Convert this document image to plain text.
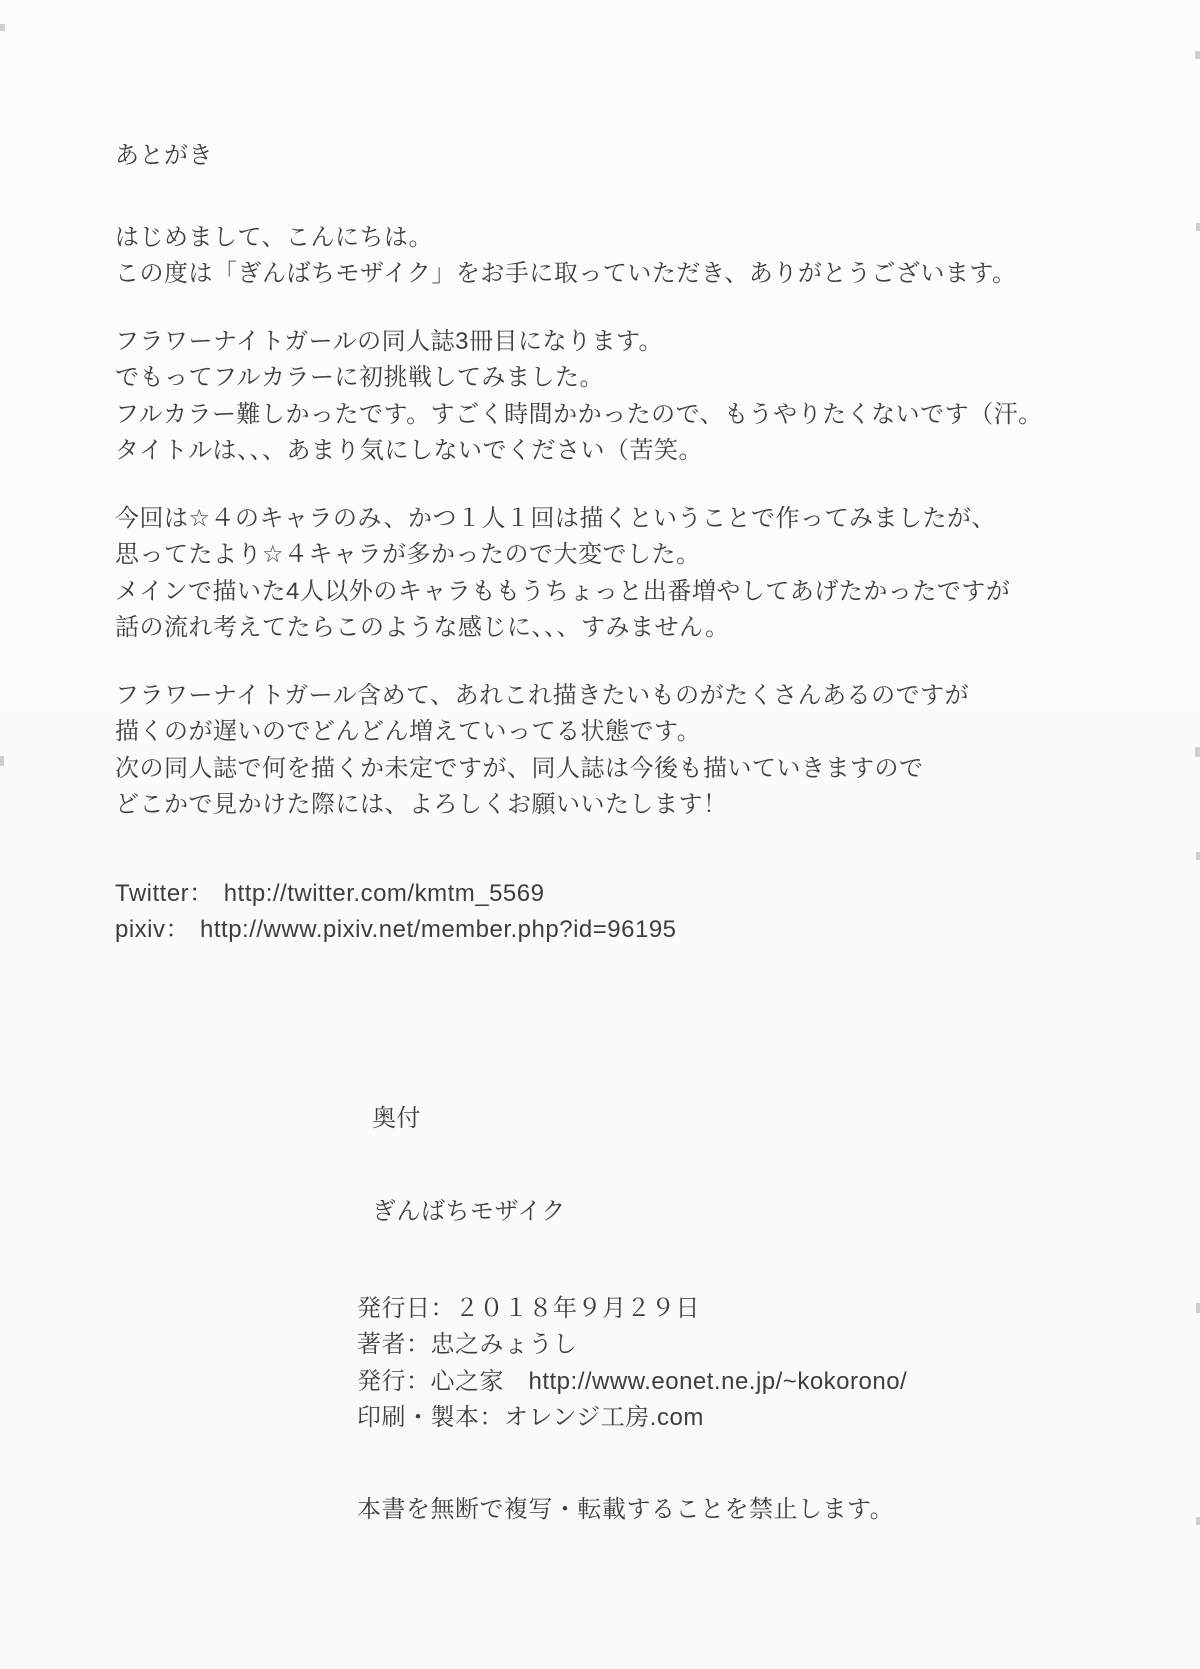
あとがき
はじめまして、こんにちは。
この度は「ぎんばちモザイク」をお手に取っていただき、ありがとうございます。
フラワーナイトガールの同人誌3冊目になります。
でもってフルカラーに初挑戦してみました。
フルカラー難しかったです。すごく時間かかったので、もうやりたくないです（汗。
タイトルは、、、あまり気にしないでください（苦笑。
今回は☆４のキャラのみ、かつ１人１回は描くということで作ってみましたが、
思ってたより☆４キャラが多かったので大変でした。
メインで描いた4人以外のキャラももうちょっと出番増やしてあげたかったですが
話の流れ考えてたらこのような感じに、、、すみません。
フラワーナイトガール含めて、あれこれ描きたいものがたくさんあるのですが
描くのが遅いのでどんどん増えていってる状態です。
次の同人誌で何を描くか未定ですが、同人誌は今後も描いていきますので
どこかで見かけた際には、よろしくお願いいたします！
Twitter： http://twitter.com/kmtm_5569
pixiv： http://www.pixiv.net/member.php?id=96195
奥付
ぎんばちモザイク
発行日：２０１８年９月２９日
著者：忠之みょうし
発行：心之家　http://www.eonet.ne.jp/~kokorono/
印刷・製本：オレンジ工房.com
本書を無断で複写・転載することを禁止します。
